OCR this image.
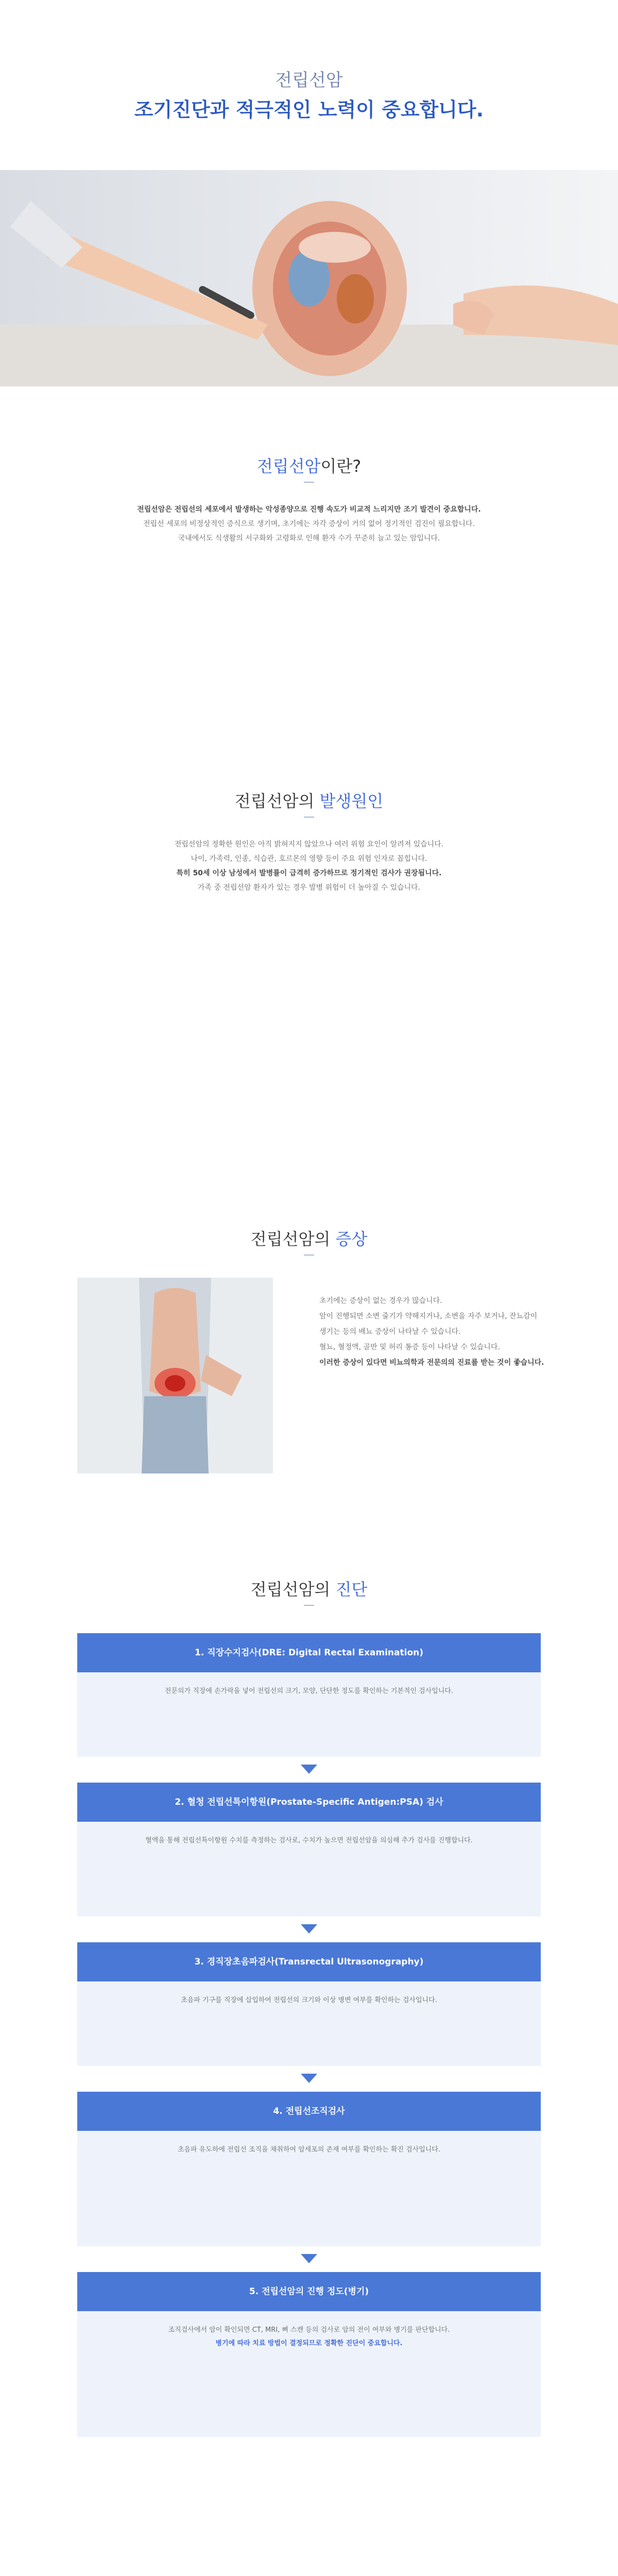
전립선암
조기진단과 적극적인 노력이 중요합니다.
전립선암이란?
전립선암은 전립선의 세포에서 발생하는 악성종양으로 진행 속도가 비교적 느리지만 조기 발견이 중요합니다.
전립선 세포의 비정상적인 증식으로 생기며, 초기에는 자각 증상이 거의 없어 정기적인 검진이 필요합니다.
국내에서도 식생활의 서구화와 고령화로 인해 환자 수가 꾸준히 늘고 있는 암입니다.
전립선암의 발생원인
전립선암의 정확한 원인은 아직 밝혀지지 않았으나 여러 위험 요인이 알려져 있습니다.
나이, 가족력, 인종, 식습관, 호르몬의 영향 등이 주요 위험 인자로 꼽힙니다.
특히 50세 이상 남성에서 발병률이 급격히 증가하므로 정기적인 검사가 권장됩니다.
가족 중 전립선암 환자가 있는 경우 발병 위험이 더 높아질 수 있습니다.
전립선암의 증상
초기에는 증상이 없는 경우가 많습니다.
암이 진행되면 소변 줄기가 약해지거나, 소변을 자주 보거나, 잔뇨감이 생기는 등의 배뇨 증상이 나타날 수 있습니다.
혈뇨, 혈정액, 골반 및 허리 통증 등이 나타날 수 있습니다.
이러한 증상이 있다면 비뇨의학과 전문의의 진료를 받는 것이 좋습니다.
전립선암의 진단
1. 직장수지검사(DRE: Digital Rectal Examination)
전문의가 직장에 손가락을 넣어 전립선의 크기, 모양, 단단한 정도를 확인하는 기본적인 검사입니다.
2. 혈청 전립선특이항원(Prostate-Specific Antigen:PSA) 검사
혈액을 통해 전립선특이항원 수치를 측정하는 검사로, 수치가 높으면 전립선암을 의심해 추가 검사를 진행합니다.
3. 경직장초음파검사(Transrectal Ultrasonography)
초음파 기구를 직장에 삽입하여 전립선의 크기와 이상 병변 여부를 확인하는 검사입니다.
4. 전립선조직검사
초음파 유도하에 전립선 조직을 채취하여 암세포의 존재 여부를 확인하는 확진 검사입니다.
5. 전립선암의 진행 정도(병기)
조직검사에서 암이 확인되면 CT, MRI, 뼈 스캔 등의 검사로 암의 전이 여부와 병기를 판단합니다.
병기에 따라 치료 방법이 결정되므로 정확한 진단이 중요합니다.
